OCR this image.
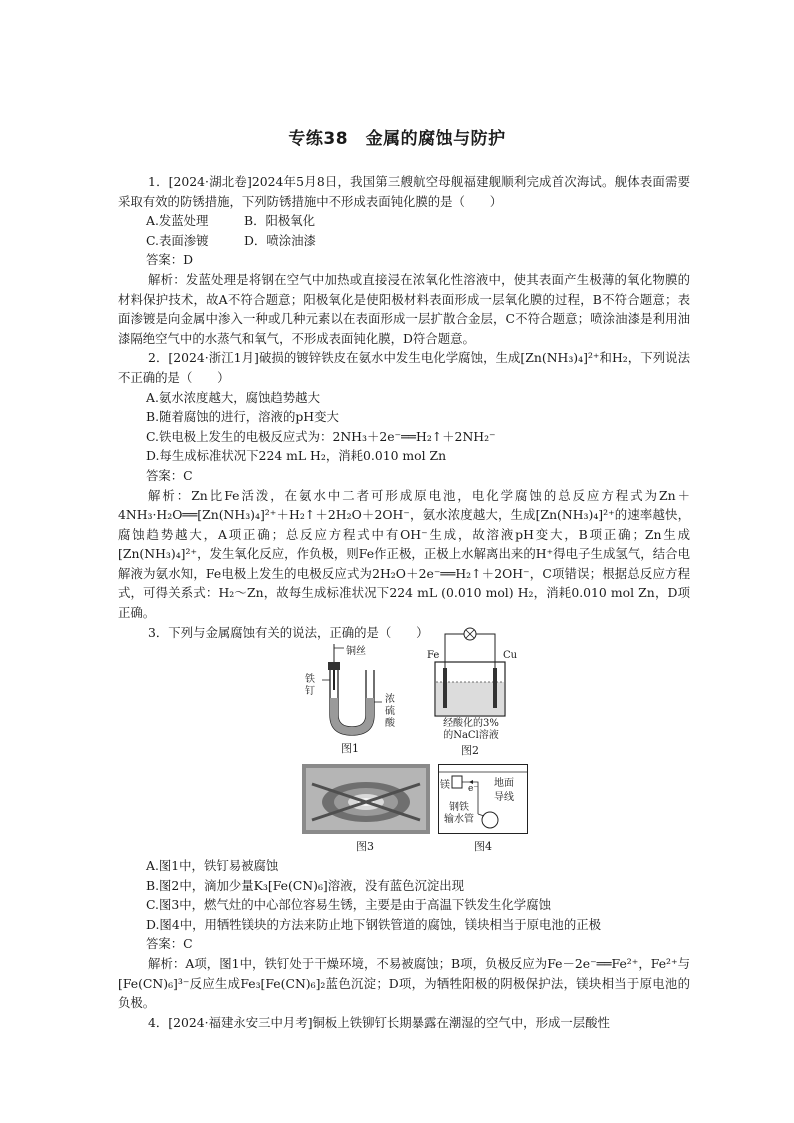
专练38　金属的腐蚀与防护

1．[2024·湖北卷]2024年5月8日，我国第三艘航空母舰福建舰顺利完成首次海试。舰体表面需要采取有效的防锈措施，下列防锈措施中不形成表面钝化膜的是（　　）

A.发蓝处理	B．阳极氧化
C.表面渗镀	D．喷涂油漆

答案：D

解析：发蓝处理是将钢在空气中加热或直接浸在浓氧化性溶液中，使其表面产生极薄的氧化物膜的材料保护技术，故A不符合题意；阳极氧化是使阳极材料表面形成一层氧化膜的过程，B不符合题意；表面渗镀是向金属中渗入一种或几种元素以在表面形成一层扩散合金层，C不符合题意；喷涂油漆是利用油漆隔绝空气中的水蒸气和氧气，不形成表面钝化膜，D符合题意。

2．[2024·浙江1月]破损的镀锌铁皮在氨水中发生电化学腐蚀，生成[Zn(NH₃)₄]²⁺和H₂，下列说法不正确的是（　　）

A.氨水浓度越大，腐蚀趋势越大

B.随着腐蚀的进行，溶液的pH变大

C.铁电极上发生的电极反应式为：2NH₃＋2e⁻══H₂↑＋2NH₂⁻

D.每生成标准状况下224 mL H₂，消耗0.010 mol Zn

答案：C

解析：Zn比Fe活泼，在氨水中二者可形成原电池，电化学腐蚀的总反应方程式为Zn＋4NH₃·H₂O══[Zn(NH₃)₄]²⁺＋H₂↑＋2H₂O＋2OH⁻，氨水浓度越大，生成[Zn(NH₃)₄]²⁺的速率越快，腐蚀趋势越大，A项正确；总反应方程式中有OH⁻生成，故溶液pH变大，B项正确；Zn生成[Zn(NH₃)₄]²⁺，发生氧化反应，作负极，则Fe作正极，正极上水解离出来的H⁺得电子生成氢气，结合电解液为氨水知，Fe电极上发生的电极反应式为2H₂O＋2e⁻══H₂↑＋2OH⁻，C项错误；根据总反应方程式，可得关系式：H₂～Zn，故每生成标准状况下224 mL (0.010 mol) H₂，消耗0.010 mol Zn，D项正确。

3．下列与金属腐蚀有关的说法，正确的是（　　）

铜丝
铁钉
浓硫酸
图1
Fe	Cu
经酸化的3%
的NaCl溶液
图2
图3
镁 e⁻ 地面
导线
钢铁
输水管
图4

A.图1中，铁钉易被腐蚀

B.图2中，滴加少量K₃[Fe(CN)₆]溶液，没有蓝色沉淀出现

C.图3中，燃气灶的中心部位容易生锈，主要是由于高温下铁发生化学腐蚀

D.图4中，用牺牲镁块的方法来防止地下钢铁管道的腐蚀，镁块相当于原电池的正极

答案：C

解析：A项，图1中，铁钉处于干燥环境，不易被腐蚀；B项，负极反应为Fe－2e⁻══Fe²⁺，Fe²⁺与[Fe(CN)₆]³⁻反应生成Fe₃[Fe(CN)₆]₂蓝色沉淀；D项，为牺牲阳极的阴极保护法，镁块相当于原电池的负极。

4．[2024·福建永安三中月考]铜板上铁铆钉长期暴露在潮湿的空气中，形成一层酸性
